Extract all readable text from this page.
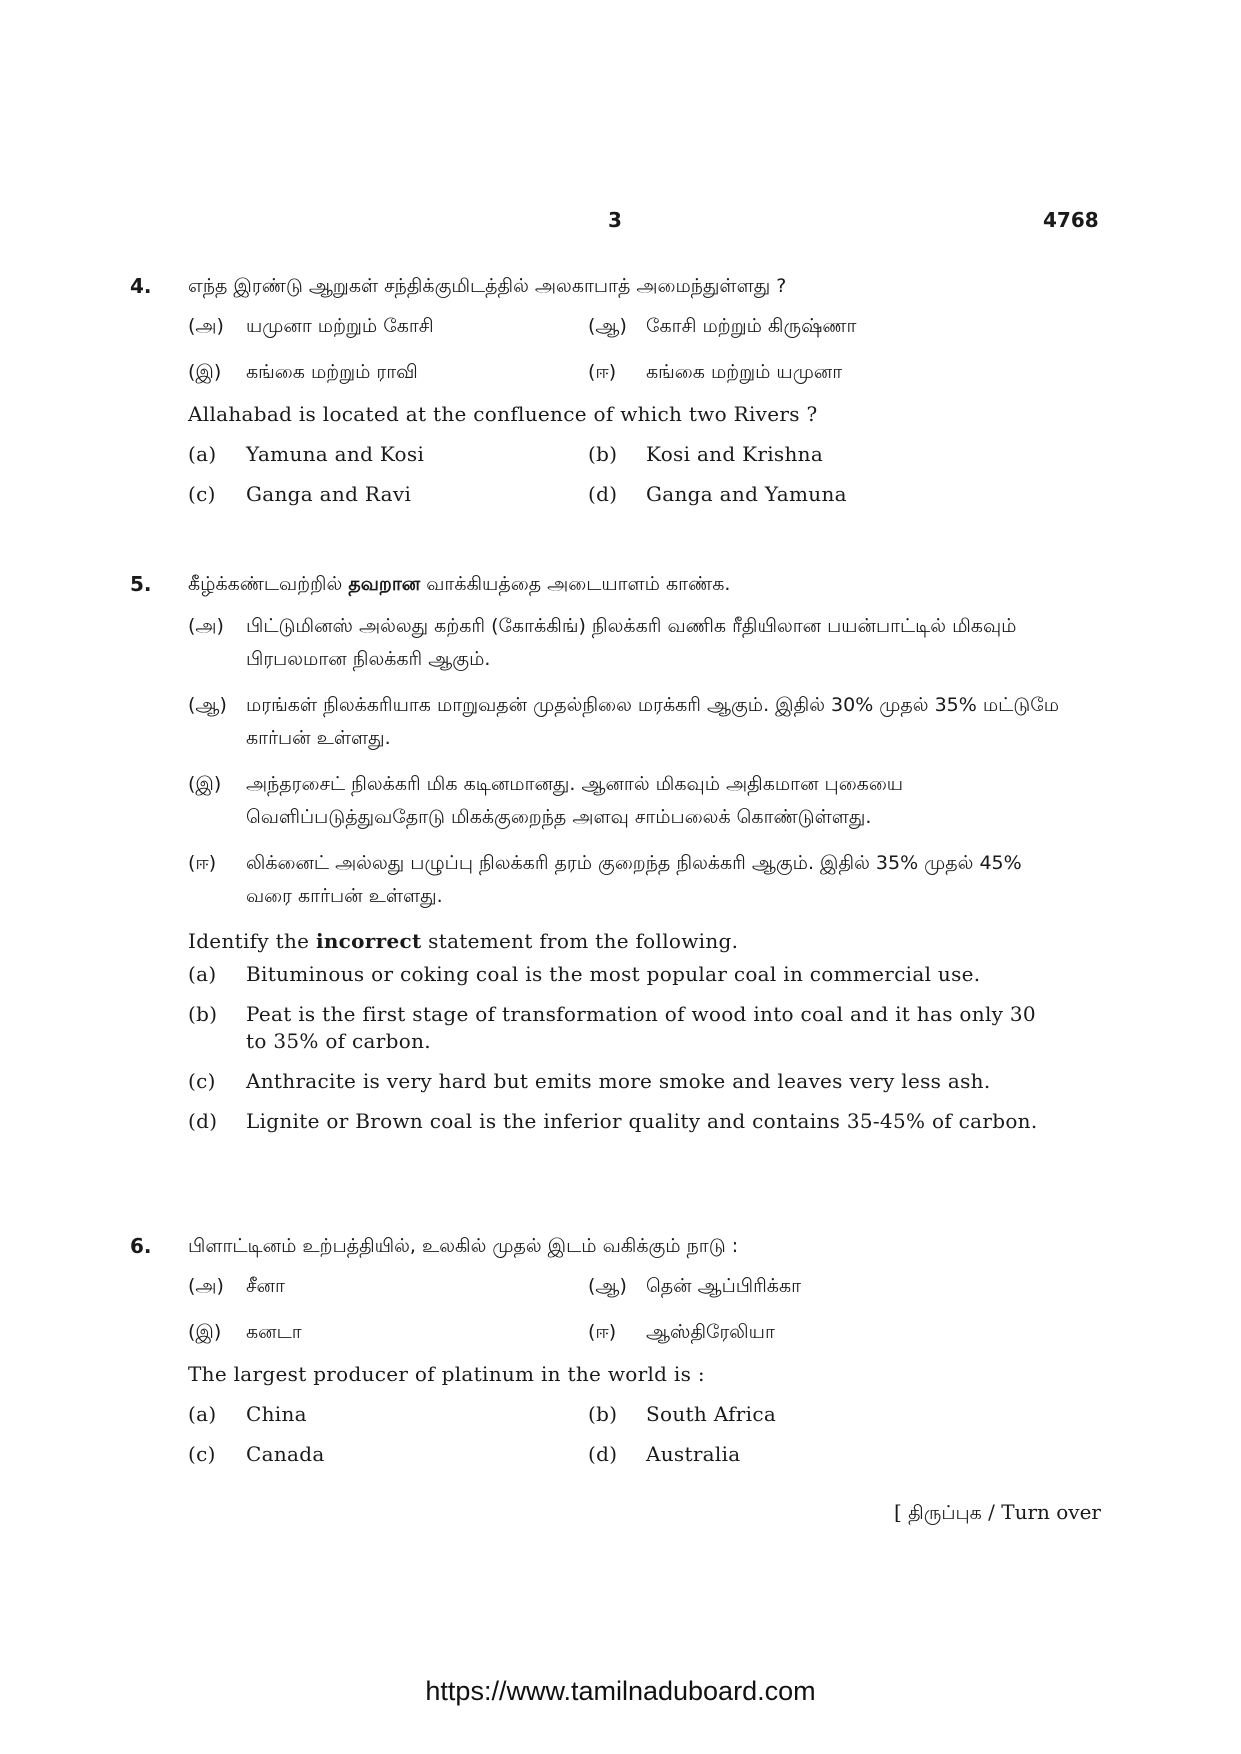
3	4768
4. எந்த இரண்டு ஆறுகள் சந்திக்குமிடத்தில் அலகாபாத் அமைந்துள்ளது ?
(அ)	யமுனா மற்றும் கோசி	(ஆ)	கோசி மற்றும் கிருஷ்ணா
(இ)	கங்கை மற்றும் ராவி	(ஈ)	கங்கை மற்றும் யமுனா
Allahabad is located at the confluence of which two Rivers ?
(a)	Yamuna and Kosi	(b)	Kosi and Krishna
(c)	Ganga and Ravi	(d)	Ganga and Yamuna
5. கீழ்க்கண்டவற்றில் தவறான வாக்கியத்தை அடையாளம் காண்க.
(அ)	பிட்டுமினஸ் அல்லது கற்கரி (கோக்கிங்) நிலக்கரி வணிக ரீதியிலான பயன்பாட்டில் மிகவும் பிரபலமான நிலக்கரி ஆகும்.
(ஆ)	மரங்கள் நிலக்கரியாக மாறுவதன் முதல்நிலை மரக்கரி ஆகும். இதில் 30% முதல் 35% மட்டுமே கார்பன் உள்ளது.
(இ)	அந்தரசைட் நிலக்கரி மிக கடினமானது. ஆனால் மிகவும் அதிகமான புகையை வெளிப்படுத்துவதோடு மிகக்குறைந்த அளவு சாம்பலைக் கொண்டுள்ளது.
(ஈ)	லிக்னைட் அல்லது பழுப்பு நிலக்கரி தரம் குறைந்த நிலக்கரி ஆகும். இதில் 35% முதல் 45% வரை கார்பன் உள்ளது.
Identify the incorrect statement from the following.
(a)	Bituminous or coking coal is the most popular coal in commercial use.
(b)	Peat is the first stage of transformation of wood into coal and it has only 30 to 35% of carbon.
(c)	Anthracite is very hard but emits more smoke and leaves very less ash.
(d)	Lignite or Brown coal is the inferior quality and contains 35-45% of carbon.
6. பிளாட்டினம் உற்பத்தியில், உலகில் முதல் இடம் வகிக்கும் நாடு :
(அ)	சீனா	(ஆ)	தென் ஆப்பிரிக்கா
(இ)	கனடா	(ஈ)	ஆஸ்திரேலியா
The largest producer of platinum in the world is :
(a)	China	(b)	South Africa
(c)	Canada	(d)	Australia
[ திருப்புக / Turn over
https://www.tamilnaduboard.com
